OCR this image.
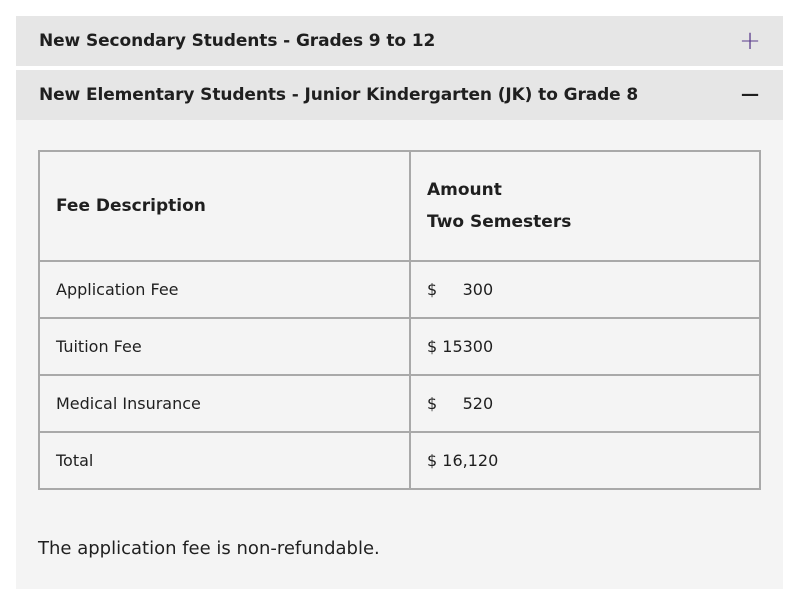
New Secondary Students - Grades 9 to 12	+
New Elementary Students - Junior Kindergarten (JK) to Grade 8	−
Fee Description	Amount
Two Semesters

Application Fee	$     300
Tuition Fee	$ 15300
Medical Insurance	$     520
Total	$ 16,120
The application fee is non-refundable.
